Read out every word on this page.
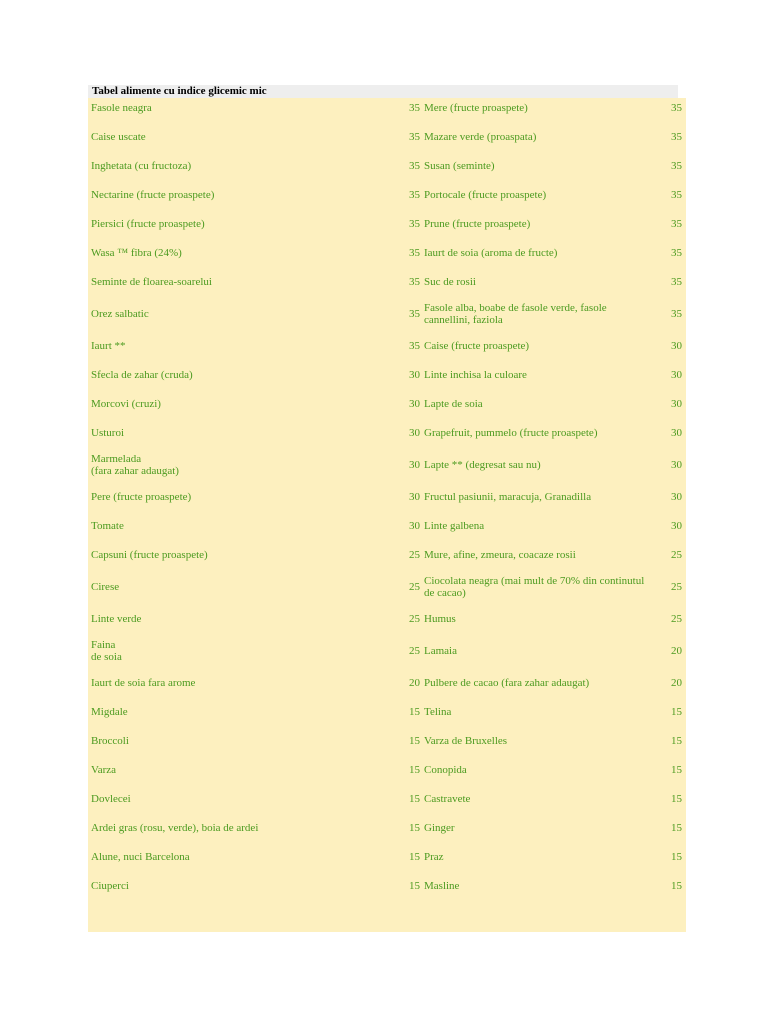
Tabel alimente cu indice glicemic mic
Fasole neagra	35 Mere (fructe proaspete)	35
Caise uscate	35 Mazare verde (proaspata)	35
Inghetata (cu fructoza)	35 Susan (seminte)	35
Nectarine (fructe proaspete)	35 Portocale (fructe proaspete)	35
Piersici (fructe proaspete)	35 Prune (fructe proaspete)	35
Wasa ™ fibra (24%)	35 Iaurt de soia (aroma de fructe)	35
Seminte de floarea-soarelui	35 Suc de rosii	35
Orez salbatic	35 Fasole alba, boabe de fasole verde, fasole cannellini, faziola	35
Iaurt **	35 Caise (fructe proaspete)	30
Sfecla de zahar (cruda)	30 Linte inchisa la culoare	30
Morcovi (cruzi)	30 Lapte de soia	30
Usturoi	30 Grapefruit, pummelo (fructe proaspete)	30
Marmelada
(fara zahar adaugat)	30 Lapte ** (degresat sau nu)	30
Pere (fructe proaspete)	30 Fructul pasiunii, maracuja, Granadilla	30
Tomate	30 Linte galbena	30
Capsuni (fructe proaspete)	25 Mure, afine, zmeura, coacaze rosii	25
Cirese	25 Ciocolata neagra (mai mult de 70% din continutul de cacao)	25
Linte verde	25 Humus	25
Faina
de soia	25 Lamaia	20
Iaurt de soia fara arome	20 Pulbere de cacao (fara zahar adaugat)	20
Migdale	15 Telina	15
Broccoli	15 Varza de Bruxelles	15
Varza	15 Conopida	15
Dovlecei	15 Castravete	15
Ardei gras (rosu, verde), boia de ardei	15 Ginger	15
Alune, nuci Barcelona	15 Praz	15
Ciuperci	15 Masline	15
